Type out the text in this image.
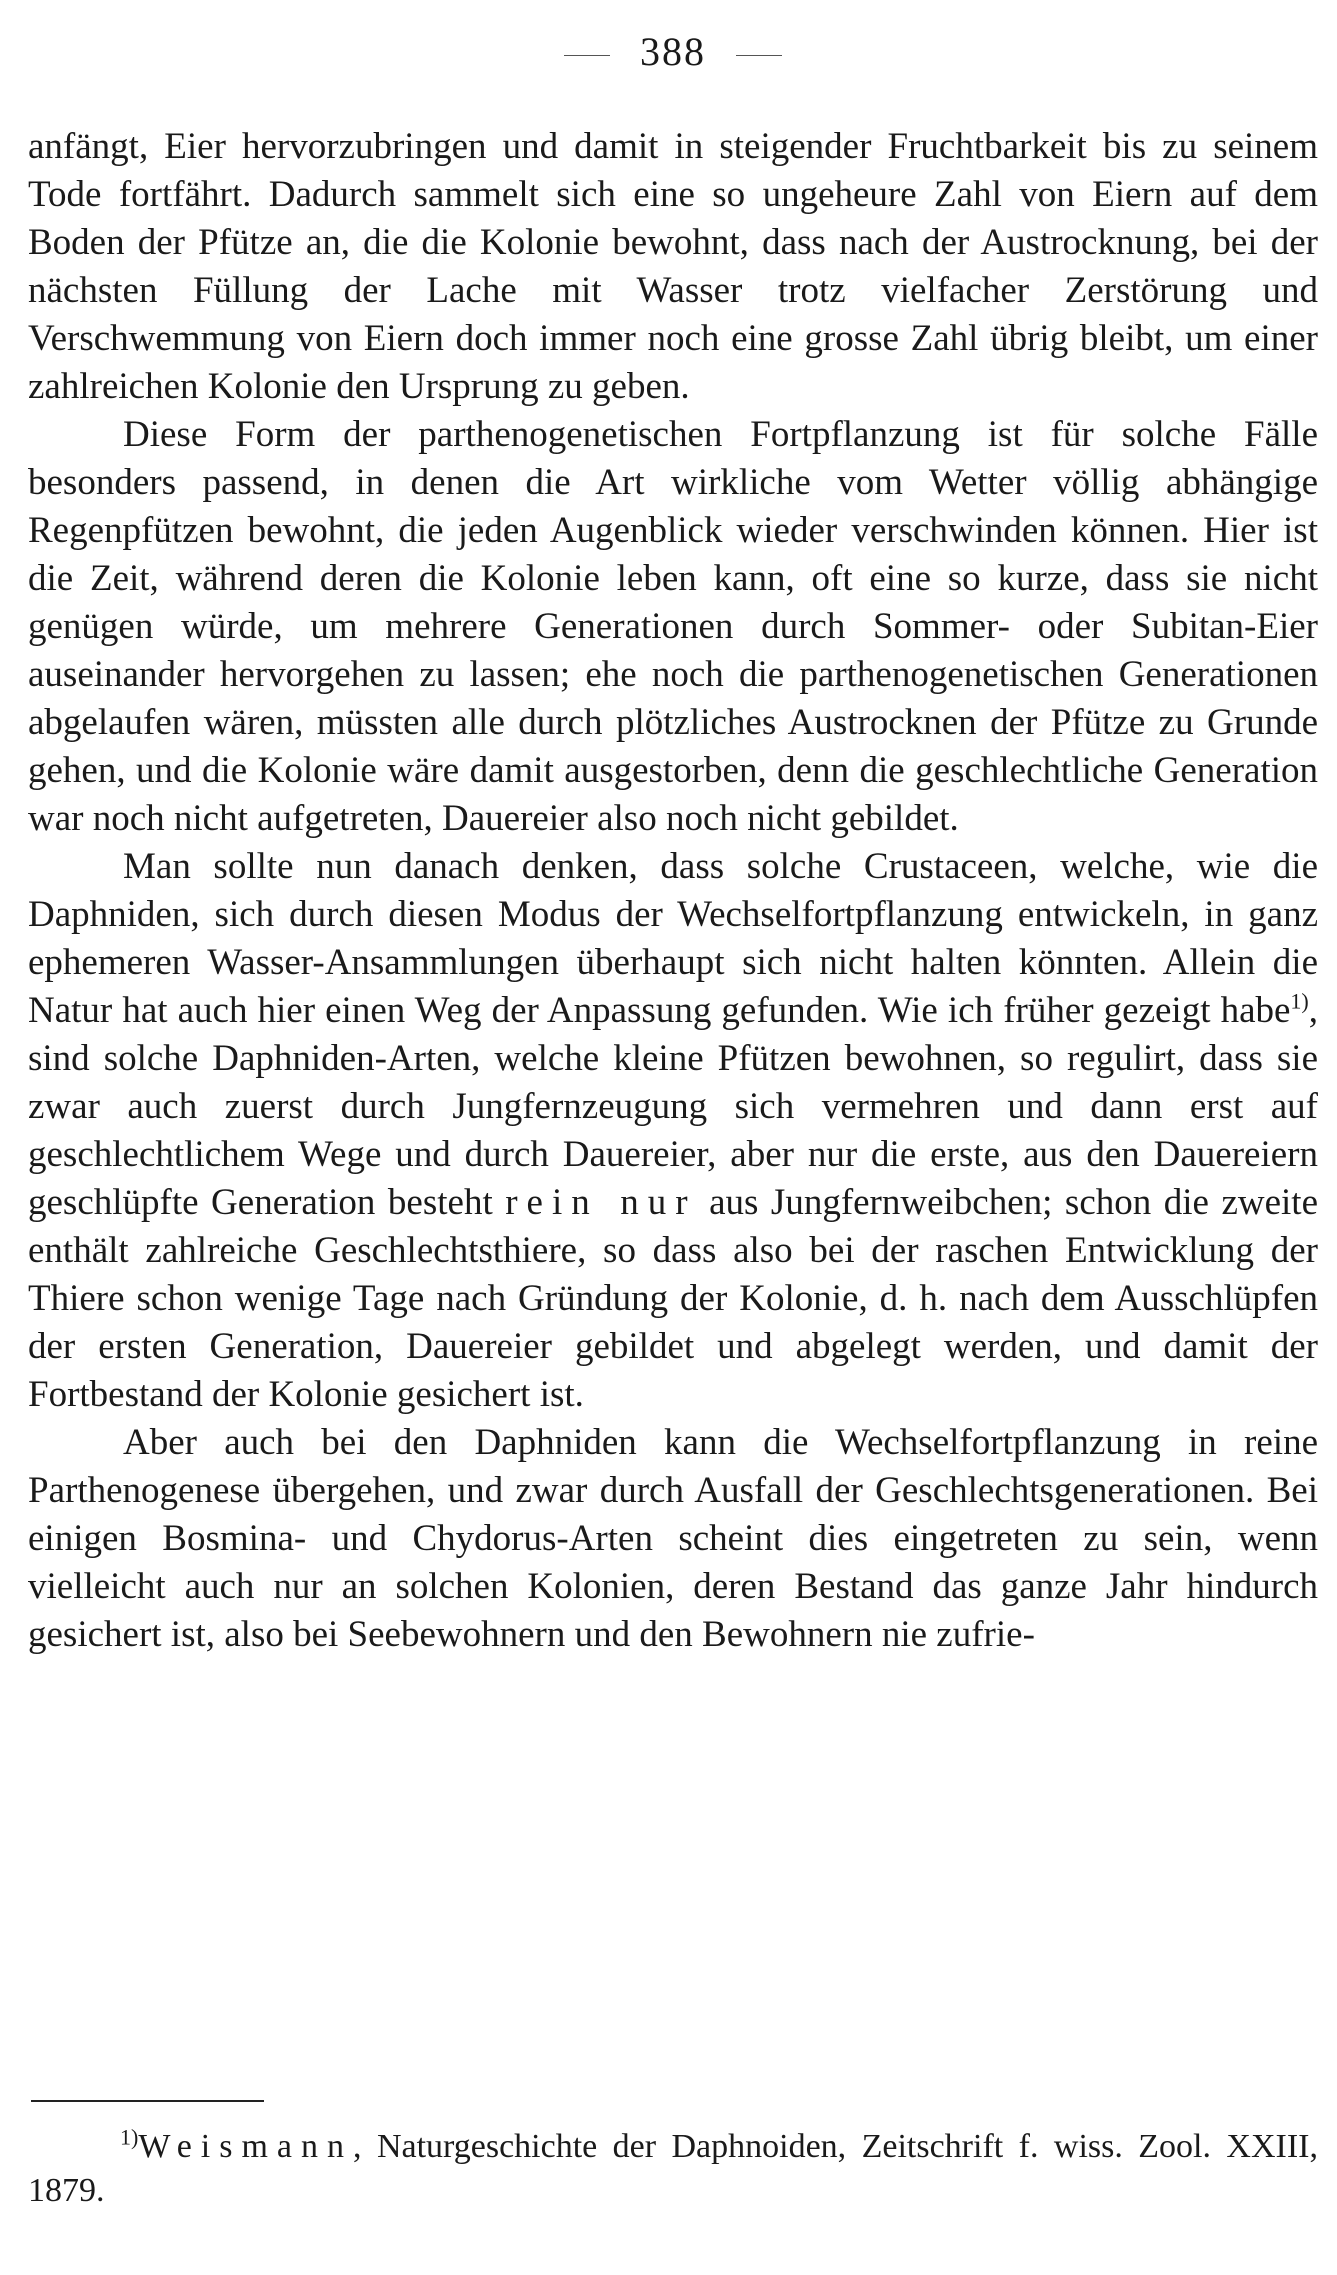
388

anfängt, Eier hervorzubringen und damit in steigender Fruchtbarkeit bis zu seinem Tode fortfährt. Dadurch sammelt sich eine so ungeheure Zahl von Eiern auf dem Boden der Pfütze an, die die Kolonie bewohnt, dass nach der Austrocknung, bei der nächsten Füllung der Lache mit Wasser trotz vielfacher Zerstörung und Verschwemmung von Eiern doch immer noch eine grosse Zahl übrig bleibt, um einer zahlreichen Kolonie den Ursprung zu geben.

Diese Form der parthenogenetischen Fortpflanzung ist für solche Fälle besonders passend, in denen die Art wirkliche vom Wetter völlig abhängige Regenpfützen bewohnt, die jeden Augenblick wieder verschwinden können. Hier ist die Zeit, während deren die Kolonie leben kann, oft eine so kurze, dass sie nicht genügen würde, um mehrere Generationen durch Sommer- oder Subitan-Eier auseinander hervorgehen zu lassen; ehe noch die parthenogenetischen Generationen abgelaufen wären, müssten alle durch plötzliches Austrocknen der Pfütze zu Grunde gehen, und die Kolonie wäre damit ausgestorben, denn die geschlechtliche Generation war noch nicht aufgetreten, Dauereier also noch nicht gebildet.

Man sollte nun danach denken, dass solche Crustaceen, welche, wie die Daphniden, sich durch diesen Modus der Wechselfortpflanzung entwickeln, in ganz ephemeren Wasser-Ansammlungen überhaupt sich nicht halten könnten. Allein die Natur hat auch hier einen Weg der Anpassung gefunden. Wie ich früher gezeigt habe$^{1)}$, sind solche Daphniden-Arten, welche kleine Pfützen bewohnen, so regulirt, dass sie zwar auch zuerst durch Jungfernzeugung sich vermehren und dann erst auf geschlechtlichem Wege und durch Dauereier, aber nur die erste, aus den Dauereiern geschlüpfte Generation besteht rein nur aus Jungfernweibchen; schon die zweite enthält zahlreiche Geschlechtsthiere, so dass also bei der raschen Entwicklung der Thiere schon wenige Tage nach Gründung der Kolonie, d. h. nach dem Ausschlüpfen der ersten Generation, Dauereier gebildet und abgelegt werden, und damit der Fortbestand der Kolonie gesichert ist.

Aber auch bei den Daphniden kann die Wechselfortpflanzung in reine Parthenogenese übergehen, und zwar durch Ausfall der Geschlechtsgenerationen. Bei einigen Bosmina- und Chydorus-Arten scheint dies eingetreten zu sein, wenn vielleicht auch nur an solchen Kolonien, deren Bestand das ganze Jahr hindurch gesichert ist, also bei Seebewohnern und den Bewohnern nie zufrie-

$^{1)}$Weismann, Naturgeschichte der Daphnoiden, Zeitschrift f. wiss. Zool. XXIII, 1879.
